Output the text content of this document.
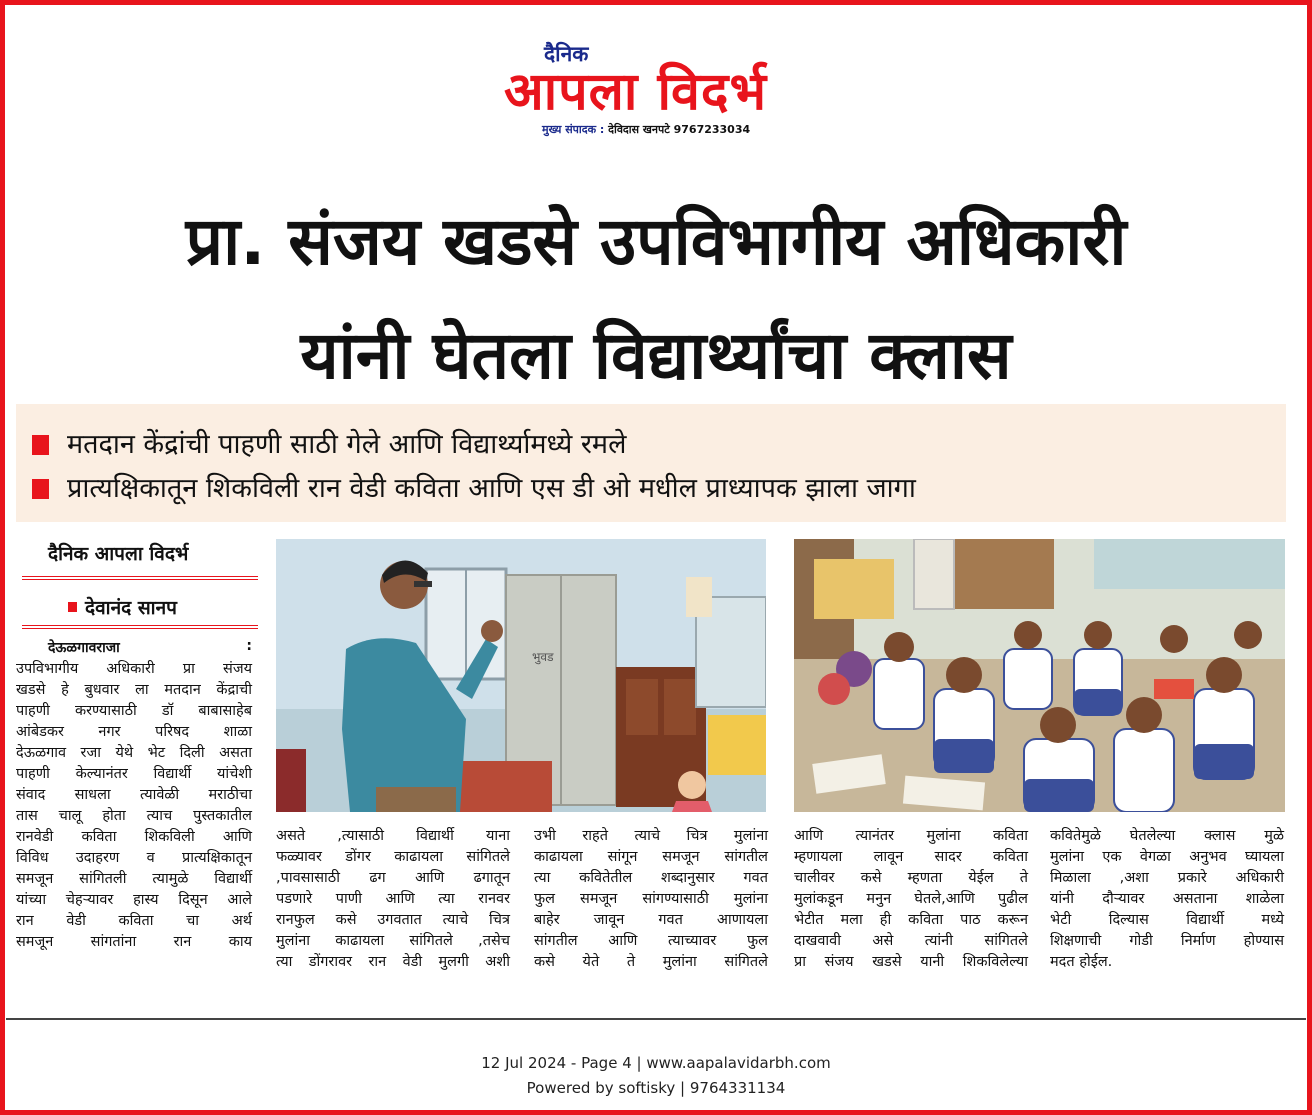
दैनिक
आपला विदर्भ
मुख्य संपादक : देविदास खनपटे 9767233034
प्रा. संजय खडसे उपविभागीय अधिकारी
यांनी घेतला विद्यार्थ्यांचा क्लास
मतदान केंद्रांची पाहणी साठी गेले आणि विद्यार्थ्यामध्ये रमले
प्रात्यक्षिकातून शिकविली रान वेडी कविता आणि एस डी ओ मधील प्राध्यापक झाला जागा
दैनिक आपला विदर्भ
देवानंद सानप
देऊळगावराजा	:
उपविभागीय अधिकारी प्रा संजय
खडसे हे बुधवार ला मतदान केंद्राची
पाहणी करण्यासाठी डॉ बाबासाहेब
आंबेडकर नगर परिषद शाळा
देऊळगाव रजा येथे भेट दिली असता
पाहणी केल्यानंतर विद्यार्थी यांचेशी
संवाद साधला त्यावेळी मराठीचा
तास चालू होता त्याच पुस्तकातील
रानवेडी कविता शिकविली आणि
विविध उदाहरण व प्रात्यक्षिकातून
समजून सांगितली त्यामुळे विद्यार्थी
यांच्या चेहऱ्यावर हास्य दिसून आले
रान वेडी कविता चा अर्थ
समजून सांगतांना रान काय
भुवड
असते ,त्यासाठी विद्यार्थी याना
फळ्यावर डोंगर काढायला सांगितले
,पावसासाठी ढग आणि ढगातून
पडणारे पाणी आणि त्या रानवर
रानफुल कसे उगवतात त्याचे चित्र
मुलांना काढायला सांगितले ,तसेच
त्या डोंगरावर रान वेडी मुलगी अशी
उभी राहते त्याचे चित्र मुलांना
काढायला सांगून समजून सांगतील
त्या कवितेतील शब्दानुसार गवत
फुल समजून सांगण्यासाठी मुलांना
बाहेर जावून गवत आणायला
सांगतील आणि त्याच्यावर फुल
कसे येते ते मुलांना सांगितले
आणि त्यानंतर मुलांना कविता
म्हणायला लावून सादर कविता
चालीवर कसे म्हणता येईल ते
मुलांकडून मनुन घेतले,आणि पुढील
भेटीत मला ही कविता पाठ करून
दाखवावी असे त्यांनी सांगितले
प्रा संजय खडसे यानी शिकविलेल्या
कवितेमुळे घेतलेल्या क्लास मुळे
मुलांना एक वेगळा अनुभव घ्यायला
मिळाला ,अशा प्रकारे अधिकारी
यांनी दौऱ्यावर असताना शाळेला
भेटी दिल्यास विद्यार्थी मध्ये
शिक्षणाची गोडी निर्माण होण्यास
मदत होईल.
12 Jul 2024 - Page 4 | www.aapalavidarbh.com
Powered by softisky | 9764331134
